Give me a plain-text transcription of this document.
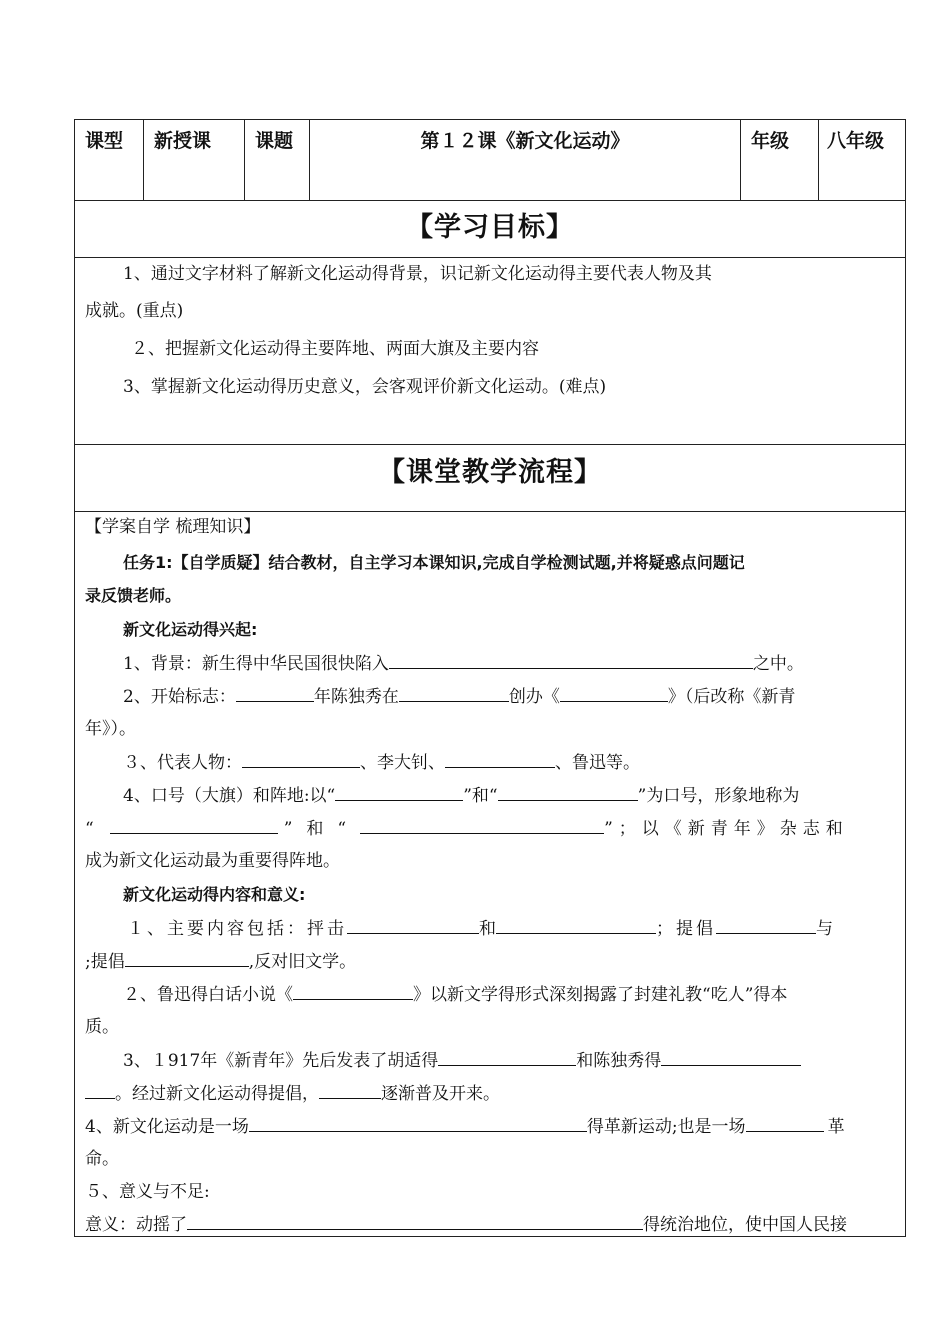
课型	新授课	课题	第１２课《新文化运动》	年级	八年级
【学习目标】
1、通过文字材料了解新文化运动得背景，识记新文化运动得主要代表人物及其
成就。(重点)
２、把握新文化运动得主要阵地、两面大旗及主要内容
3、掌握新文化运动得历史意义，会客观评价新文化运动。(难点)
【课堂教学流程】
【学案自学 梳理知识】
任务1:【自学质疑】结合教材，自主学习本课知识,完成自学检测试题,并将疑惑点问题记
录反馈老师。
新文化运动得兴起:
1、背景：新生得中华民国很快陷入	之中。
2、开始标志：	年陈独秀在	创办《	》（后改称《新青
年》）。
３、代表人物：	、李大钊、	、鲁迅等。
4、口号（大旗）和阵地:以“	”和“	”为口号，形象地称为
“	”和“	”；以《新青年》杂志和
成为新文化运动最为重要得阵地。
新文化运动得内容和意义:
１、主要内容包括：抨击	和	；提倡	与
;提倡	,反对旧文学。
２、鲁迅得白话小说《	》以新文学得形式深刻揭露了封建礼教“吃人”得本
质。
3、１917年《新青年》先后发表了胡适得	和陈独秀得
。经过新文化运动得提倡，	逐渐普及开来。
4、新文化运动是一场	得革新运动;也是一场	革
命。
５、意义与不足:
意义：动摇了	得统治地位，使中国人民接
